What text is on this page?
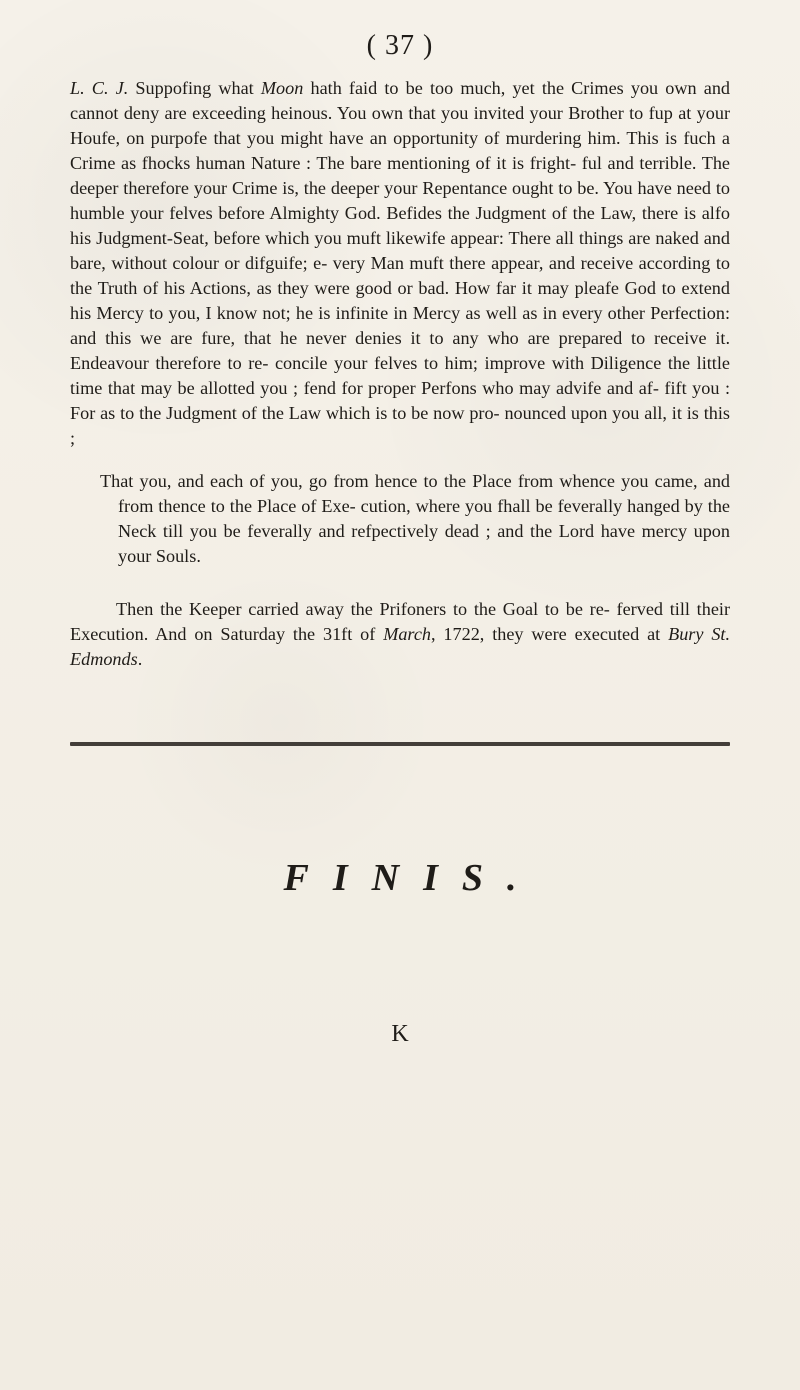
( 37 )

L. C. J. Suppofing what Moon hath faid to be too much, yet the Crimes you own and cannot deny are exceeding heinous. You own that you invited your Brother to fup at your Houfe, on purpofe that you might have an opportunity of murdering him. This is fuch a Crime as fhocks human Nature : The bare mentioning of it is fright- ful and terrible. The deeper therefore your Crime is, the deeper your Repentance ought to be. You have need to humble your felves before Almighty God. Befides the Judgment of the Law, there is alfo his Judgment-Seat, before which you muft likewife appear: There all things are naked and bare, without colour or difguife; e- very Man muft there appear, and receive according to the Truth of his Actions, as they were good or bad. How far it may pleafe God to extend his Mercy to you, I know not; he is infinite in Mercy as well as in every other Perfection: and this we are fure, that he never denies it to any who are prepared to receive it. Endeavour therefore to re- concile your felves to him; improve with Diligence the little time that may be allotted you ; fend for proper Perfons who may advife and af- fift you : For as to the Judgment of the Law which is to be now pro- nounced upon you all, it is this ;

That you, and each of you, go from hence to the Place from whence you came, and from thence to the Place of Exe- cution, where you fhall be feverally hanged by the Neck till you be feverally and refpectively dead ; and the Lord have mercy upon your Souls.
Then the Keeper carried away the Prifoners to the Goal to be re- ferved till their Execution. And on Saturday the 31ft of March, 1722, they were executed at Bury St. Edmonds.
FINIS.
K
